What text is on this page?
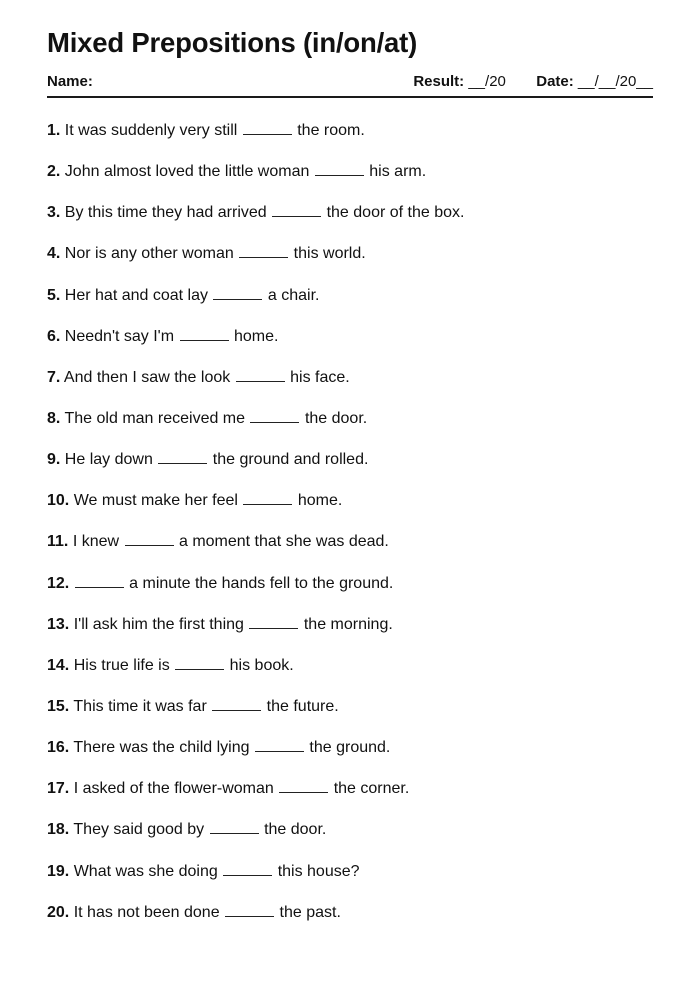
Mixed Prepositions (in/on/at)
Name:	Result: __/20 Date: __/__/20__
1. It was suddenly very still	the room.
2. John almost loved the little woman	his arm.
3. By this time they had arrived	the door of the box.
4. Nor is any other woman	this world.
5. Her hat and coat lay	a chair.
6. Needn't say I'm	home.
7. And then I saw the look	his face.
8. The old man received me	the door.
9. He lay down	the ground and rolled.
10. We must make her feel	home.
11. I knew	a moment that she was dead.
12.	a minute the hands fell to the ground.
13. I'll ask him the first thing	the morning.
14. His true life is	his book.
15. This time it was far	the future.
16. There was the child lying	the ground.
17. I asked of the flower-woman	the corner.
18. They said good by	the door.
19. What was she doing	this house?
20. It has not been done	the past.
